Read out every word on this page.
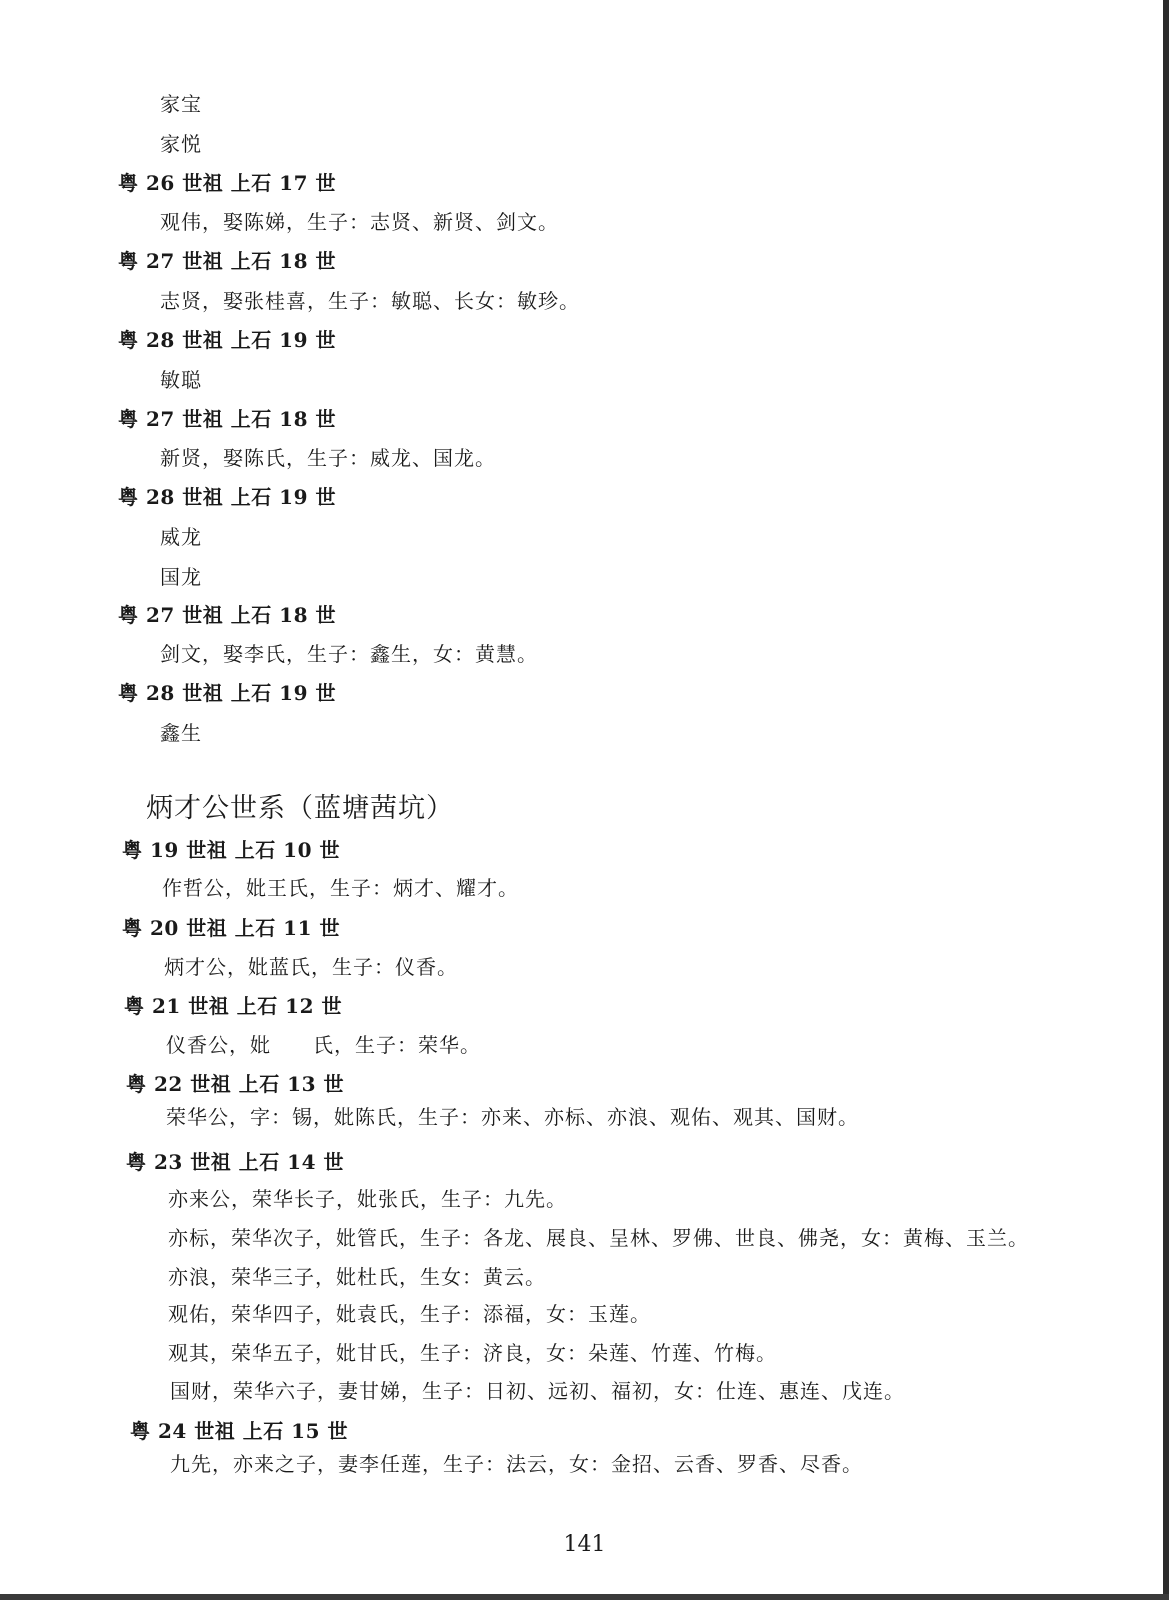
家宝
家悦
粤 26 世祖 上石 17 世
观伟，娶陈娣，生子：志贤、新贤、剑文。
粤 27 世祖 上石 18 世
志贤，娶张桂喜，生子：敏聪、长女：敏珍。
粤 28 世祖 上石 19 世
敏聪
粤 27 世祖 上石 18 世
新贤，娶陈氏，生子：威龙、国龙。
粤 28 世祖 上石 19 世
威龙
国龙
粤 27 世祖 上石 18 世
剑文，娶李氏，生子：鑫生，女：黄慧。
粤 28 世祖 上石 19 世
鑫生
炳才公世系（蓝塘茜坑）
粤 19 世祖 上石 10 世
作哲公，妣王氏，生子：炳才、耀才。
粤 20 世祖 上石 11 世
炳才公，妣蓝氏，生子：仪香。
粤 21 世祖 上石 12 世
仪香公，妣　　氏，生子：荣华。
粤 22 世祖 上石 13 世
荣华公，字：锡，妣陈氏，生子：亦来、亦标、亦浪、观佑、观其、国财。
粤 23 世祖 上石 14 世
亦来公，荣华长子，妣张氏，生子：九先。
亦标，荣华次子，妣管氏，生子：各龙、展良、呈林、罗佛、世良、佛尧，女：黄梅、玉兰。
亦浪，荣华三子，妣杜氏，生女：黄云。
观佑，荣华四子，妣袁氏，生子：添福，女：玉莲。
观其，荣华五子，妣甘氏，生子：济良，女：朵莲、竹莲、竹梅。
国财，荣华六子，妻甘娣，生子：日初、远初、福初，女：仕连、惠连、戊连。
粤 24 世祖 上石 15 世
九先，亦来之子，妻李任莲，生子：法云，女：金招、云香、罗香、尽香。
141
